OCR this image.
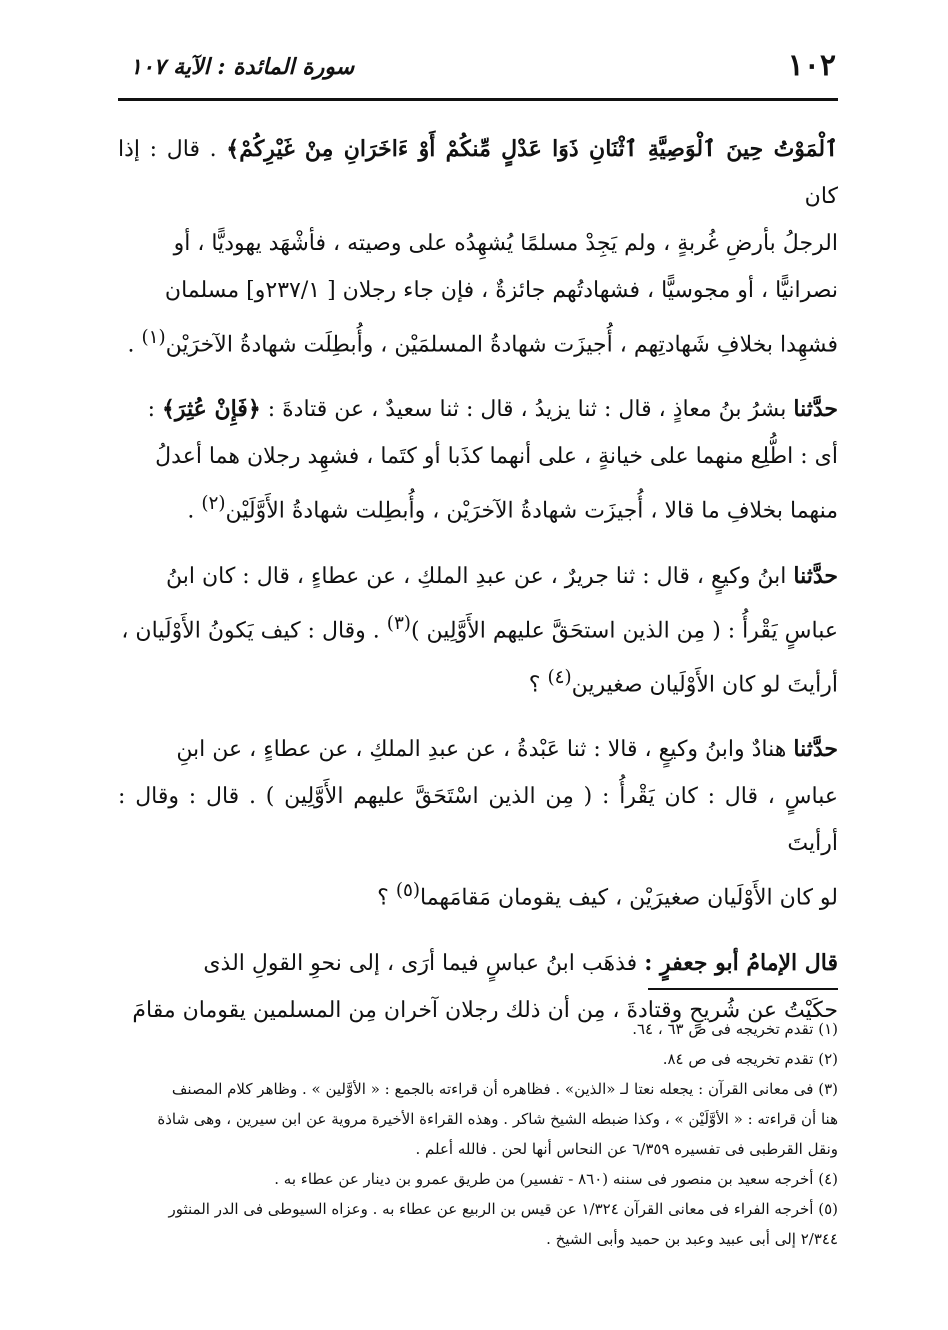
١٠٢
سورة المائدة : الآية ١٠٧

ٱلْمَوْتُ حِينَ ٱلْوَصِيَّةِ ٱثْنَانِ ذَوَا عَدْلٍ مِّنكُمْ أَوْ ءَاخَرَانِ مِنْ غَيْرِكُمْ﴾ . قال : إذا كان

الرجلُ بأرضِ غُربةٍ ، ولم يَجِدْ مسلمًا يُشهِدُه على وصيته ، فأشْهَد يهوديًّا ، أو

نصرانيًّا ، أو مجوسيًّا ، فشهادتُهم جائزةٌ ، فإن جاء رجلان [ ٢٣٧/١و] مسلمان

فشهِدا بخلافِ شَهادتِهم ، أُجيزَت شهادةُ المسلمَيْن ، وأُبطِلَت شهادةُ الآخرَيْن$^{(١)}$ .

حدَّثنا بشرُ بنُ معاذٍ ، قال : ثنا يزيدُ ، قال : ثنا سعيدٌ ، عن قتادةَ : ﴿فَإِنْ عُثِرَ﴾ :

أى : اطُّلِع منهما على خيانةٍ ، على أنهما كذَبا أو كتَما ، فشهِد رجلان هما أعدلُ

منهما بخلافِ ما قالا ، أُجيزَت شهادةُ الآخرَيْن ، وأُبطِلت شهادةُ الأَوَّلَيْن$^{(٢)}$ .

حدَّثنا ابنُ وكيعٍ ، قال : ثنا جريرٌ ، عن عبدِ الملكِ ، عن عطاءٍ ، قال : كان ابنُ

عباسٍ يَقْرأُ : ( مِن الذين استحَقَّ عليهم الأَوَّلِين )$^{(٣)}$ . وقال : كيف يَكونُ الأَوْلَيان ،

أرأيتَ لو كان الأَوْلَيان صغيرين$^{(٤)}$ ؟

حدَّثنا هنادٌ وابنُ وكيعٍ ، قالا : ثنا عَبْدةُ ، عن عبدِ الملكِ ، عن عطاءٍ ، عن ابنِ

عباسٍ ، قال : كان يَقْرأُ : ( مِن الذين اسْتَحَقَّ عليهم الأَوَّلِين ) . قال : وقال : أرأيتَ

لو كان الأَوْلَيان صغيرَيْن ، كيف يقومان مَقامَهما$^{(٥)}$ ؟

قال الإمامُ أبو جعفرٍ : فذهَب ابنُ عباسٍ فيما أرَى ، إلى نحوِ القولِ الذى

حكَيْتُ عن شُريحٍ وقتادةَ ، مِن أن ذلك رجلان آخران مِن المسلمين يقومان مقامَ

(١) تقدم تخريجه فى ص ٦٣ ، ٦٤.

(٢) تقدم تخريجه فى ص ٨٤.

(٣) فى معانى القرآن : يجعله نعتا لـ «الذين» . فظاهره أن قراءته بالجمع : « الأوَّلين » . وظاهر كلام المصنف

هنا أن قراءته : « الأوَّلَيْن » ، وكذا ضبطه الشيخ شاكر . وهذه القراءة الأخيرة مروية عن ابن سيرين ، وهى شاذة

ونقل القرطبى فى تفسيره ٦/٣٥٩ عن النحاس أنها لحن . فالله أعلم .

(٤) أخرجه سعيد بن منصور فى سننه (٨٦٠ - تفسير) من طريق عمرو بن دينار عن عطاء به .

(٥) أخرجه الفراء فى معانى القرآن ١/٣٢٤ عن قيس بن الربيع عن عطاء به . وعزاه السيوطى فى الدر المنثور

٢/٣٤٤ إلى أبى عبيد وعبد بن حميد وأبى الشيخ .
